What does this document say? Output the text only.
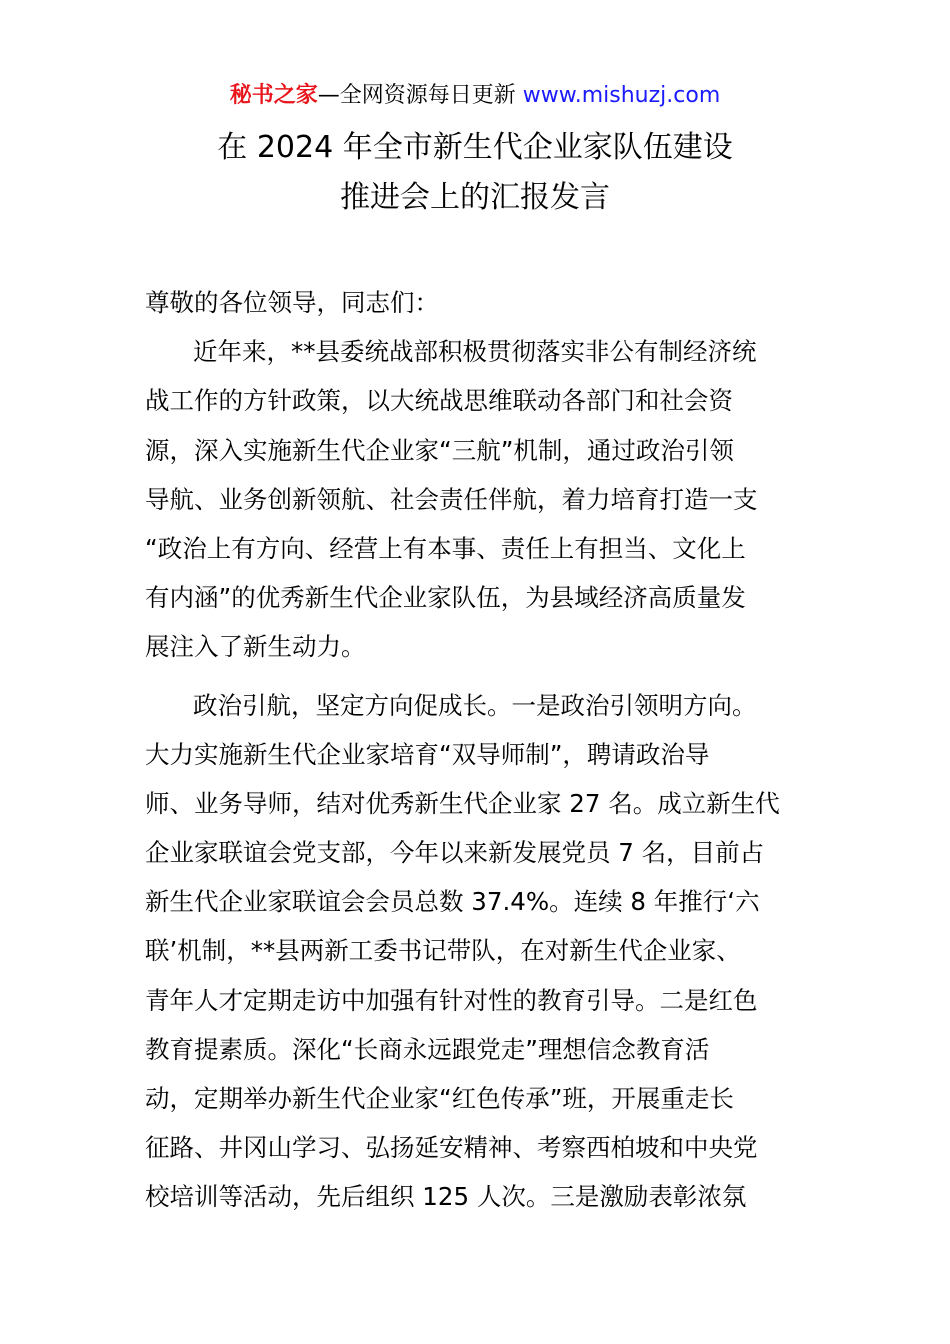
秘书之家—全网资源每日更新 www.mishuzj.com
在 2024 年全市新生代企业家队伍建设
推进会上的汇报发言
尊敬的各位领导，同志们：
近年来，**县委统战部积极贯彻落实非公有制经济统
战工作的方针政策，以大统战思维联动各部门和社会资
源，深入实施新生代企业家“三航”机制，通过政治引领
导航、业务创新领航、社会责任伴航，着力培育打造一支
“政治上有方向、经营上有本事、责任上有担当、文化上
有内涵”的优秀新生代企业家队伍，为县域经济高质量发
展注入了新生动力。
政治引航，坚定方向促成长。一是政治引领明方向。
大力实施新生代企业家培育“双导师制”，聘请政治导
师、业务导师，结对优秀新生代企业家 27 名。成立新生代
企业家联谊会党支部，今年以来新发展党员 7 名，目前占
新生代企业家联谊会会员总数 37.4%。连续 8 年推行‘六
联’机制，**县两新工委书记带队，在对新生代企业家、
青年人才定期走访中加强有针对性的教育引导。二是红色
教育提素质。深化“长商永远跟党走”理想信念教育活
动，定期举办新生代企业家“红色传承”班，开展重走长
征路、井冈山学习、弘扬延安精神、考察西柏坡和中央党
校培训等活动，先后组织 125 人次。三是激励表彰浓氛
